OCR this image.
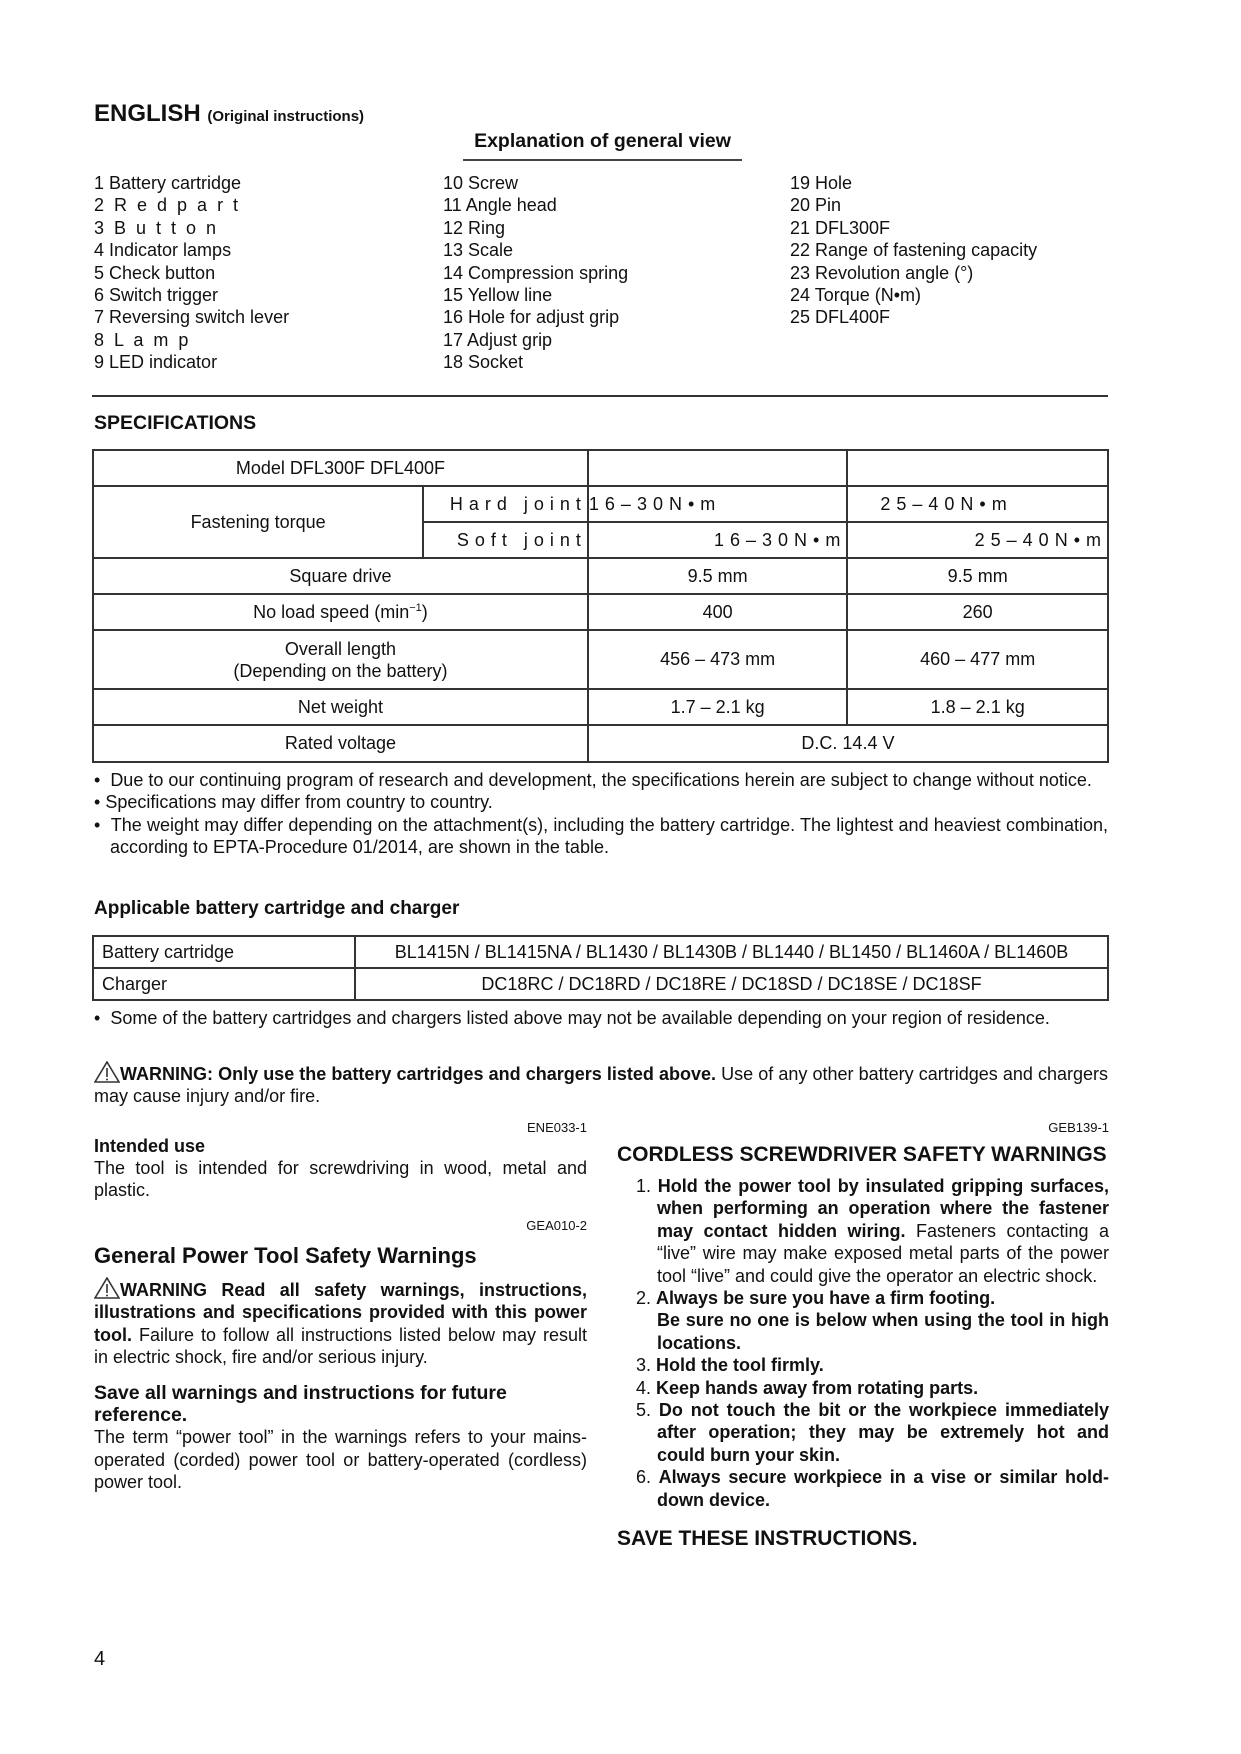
ENGLISH (Original instructions)
Explanation of general view
1 Battery cartridge
2  R  e  d  p  a  r  t
3  B  u  t  t  o  n
4 Indicator lamps
5 Check button
6 Switch trigger
7 Reversing switch lever
8  L  a  m  p
9 LED indicator
10 Screw
11 Angle head
12 Ring
13 Scale
14 Compression spring
15 Yellow line
16 Hole for adjust grip
17 Adjust grip
18 Socket
19 Hole
20 Pin
21 DFL300F
22 Range of fastening capacity
23 Revolution angle (°)
24 Torque (N•m)
25 DFL400F
SPECIFICATIONS
Model DFL300F DFL400F			
Fastening torque	Hard joint	16–30N•m	25–40N•m
	Soft joint	16–30N•m	25–40N•m
Square drive		9.5 mm	9.5 mm
No load speed $(\min^{-1})$		400	260

Overall length
(Depending on the battery)		456 – 473 mm	460 – 477 mm
Net weight		1.7 – 2.1 kg	1.8 – 2.1 kg
Rated voltage		D.C. 14.4 V	
•  Due to our continuing program of research and development, the specifications herein are subject to change without notice.
• Specifications may differ from country to country.
•  The weight may differ depending on the attachment(s), including the battery cartridge. The lightest and heaviest combination, according to EPTA-Procedure 01/2014, are shown in the table.
Applicable battery cartridge and charger
Battery cartridge	BL1415N / BL1415NA / BL1430 / BL1430B / BL1440 / BL1450 / BL1460A / BL1460B
Charger	DC18RC / DC18RD / DC18RE / DC18SD / DC18SE / DC18SF
•  Some of the battery cartridges and chargers listed above may not be available depending on your region of residence.
WARNING: Only use the battery cartridges and chargers listed above. Use of any other battery cartridges and chargers may cause injury and/or fire.
ENE033-1
Intended use
The tool is intended for screwdriving in wood, metal and plastic.
GEA010-2
General Power Tool Safety Warnings
WARNING Read all safety warnings, instructions, illustrations and specifications provided with this power tool. Failure to follow all instructions listed below may result in electric shock, fire and/or serious injury.
Save all warnings and instructions for future reference.
The term “power tool” in the warnings refers to your mains-operated (corded) power tool or battery-operated (cordless) power tool.
GEB139-1
CORDLESS SCREWDRIVER SAFETY WARNINGS
1. Hold the power tool by insulated gripping surfaces, when performing an operation where the fastener may contact hidden wiring. Fasteners contacting a “live” wire may make exposed metal parts of the power tool “live” and could give the operator an electric shock.
2. Always be sure you have a firm footing.
Be sure no one is below when using the tool in high locations.
3. Hold the tool firmly.
4. Keep hands away from rotating parts.
5. Do not touch the bit or the workpiece immediately after operation; they may be extremely hot and could burn your skin.
6. Always secure workpiece in a vise or similar hold-down device.
SAVE THESE INSTRUCTIONS.
4
